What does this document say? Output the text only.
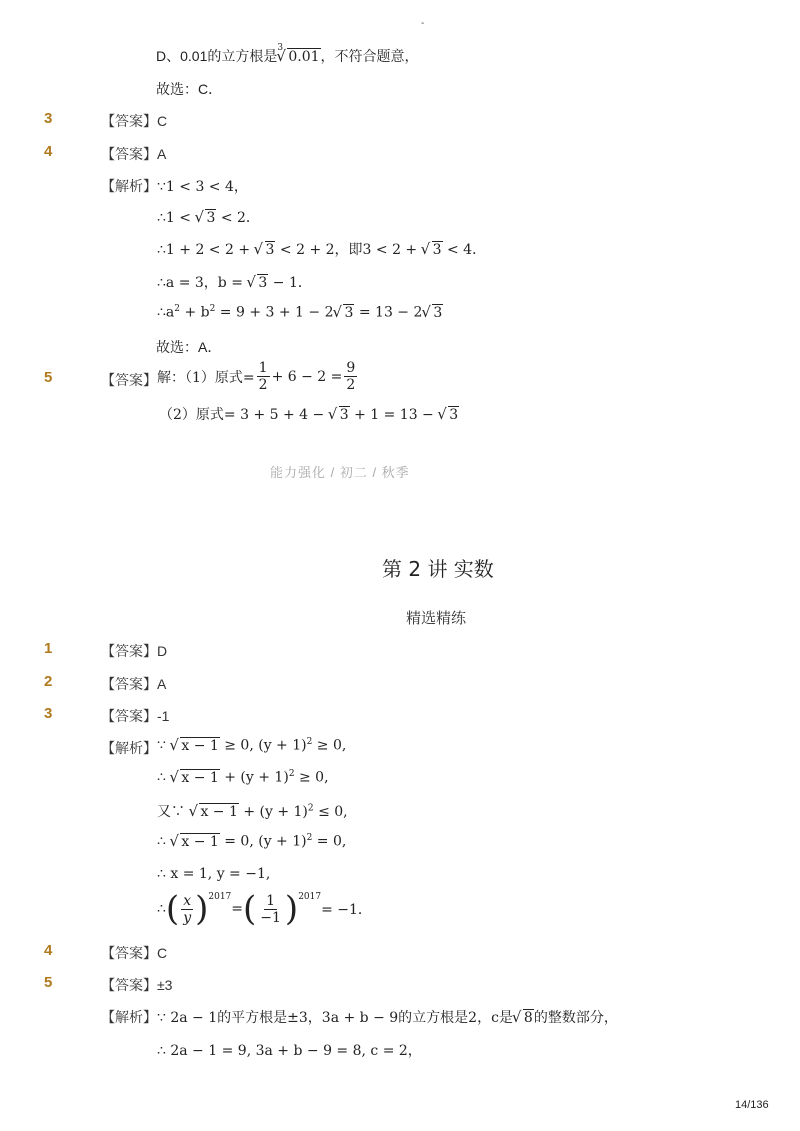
-
D、0.01的立方根是 3
√ 0.01，不符合题意，
故选：C．
3	【答案】C
4	【答案】A
【解析】 ∵1 < 3 < 4，
∴1 < √ 3 < 2．
∴1 + 2 < 2 + √ 3 < 2 + 2，即3 < 2 + √ 3 < 4．
∴a = 3，b = √ 3 − 1．
$\therefore a^2 + b^2 = 9 + 3 + 1 - 2√$ 3 = 13 − 2√ 3
故选：A．
5	【答案】 解：（1）原式= $\frac{1}{2} + 6 - 2 = \frac{9}{2}$
（2）原式= 3 + 5 + 4 − √ 3 + 1 = 13 − √ 3
能力强化 / 初二 / 秋季
第 2 讲 实数
精选精练
1	【答案】D
2	【答案】A
3	【答案】-1
【解析】 ∵ √ x − 1 ≥ 0, $(y + 1)^2 \ge 0$,
∴ √ $x - 1 + (y + 1)^2 \ge 0$,
又∵ √ $x - 1 + (y + 1)^2 \le 0$,
∴ √ x − 1 = 0, $(y + 1)^2 = 0$,
∴ x = 1, y = −1,
∴ ( $\frac{x}{y} )^{2017}$
= ( $\frac{1}{-1} )^{2017}$
= −1．
4	【答案】C
5	【答案】±3
【解析】 ∵ 2a − 1的平方根是±3，3a + b − 9的立方根是2，c是√ 8的整数部分，
∴ 2a − 1 = 9, 3a + b − 9 = 8, c = 2，
14/136
